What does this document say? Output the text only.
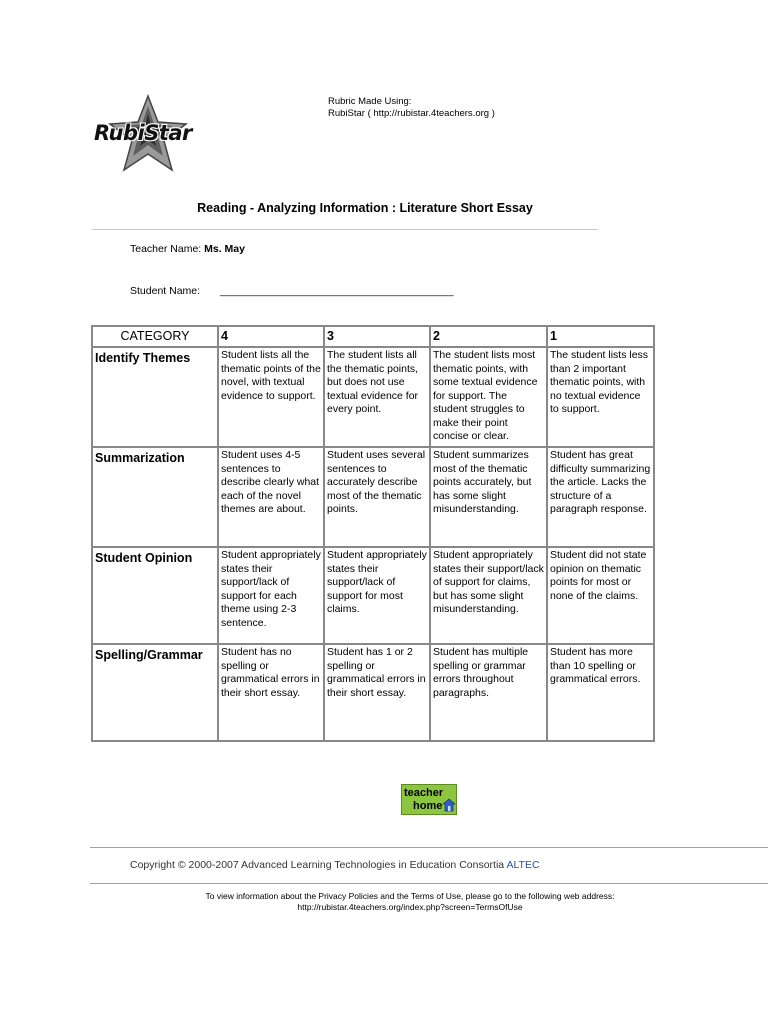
RubiStar
Rubric Made Using:
RubiStar ( http://rubistar.4teachers.org )
Reading - Analyzing Information : Literature Short Essay
Teacher Name: Ms. May
Student Name: ________________________________________
CATEGORY	4	3	2	1
Identify Themes	Student lists all the thematic points of the novel, with textual evidence to support.	The student lists all the thematic points, but does not use textual evidence for every point.	The student lists most thematic points, with some textual evidence for support. The student struggles to make their point concise or clear.	The student lists less than 2 important thematic points, with no textual evidence to support.
Summarization	Student uses 4-5 sentences to describe clearly what each of the novel themes are about.	Student uses several sentences to accurately describe most of the thematic points.	Student summarizes most of the thematic points accurately, but has some slight misunderstanding.	Student has great difficulty summarizing the article. Lacks the structure of a paragraph response.
Student Opinion	Student appropriately states their support/lack of support for each theme using 2-3 sentence.	Student appropriately states their support/lack of support for most claims.	Student appropriately states their support/lack of support for claims, but has some slight misunderstanding.	Student did not state opinion on thematic points for most or none of the claims.
Spelling/Grammar	Student has no spelling or grammatical errors in their short essay.	Student has 1 or 2 spelling or grammatical errors in their short essay.	Student has multiple spelling or grammar errors throughout paragraphs.	Student has more than 10 spelling or grammatical errors.
teacher
home
Copyright © 2000-2007 Advanced Learning Technologies in Education Consortia ALTEC
To view information about the Privacy Policies and the Terms of Use, please go to the following web address:
http://rubistar.4teachers.org/index.php?screen=TermsOfUse
